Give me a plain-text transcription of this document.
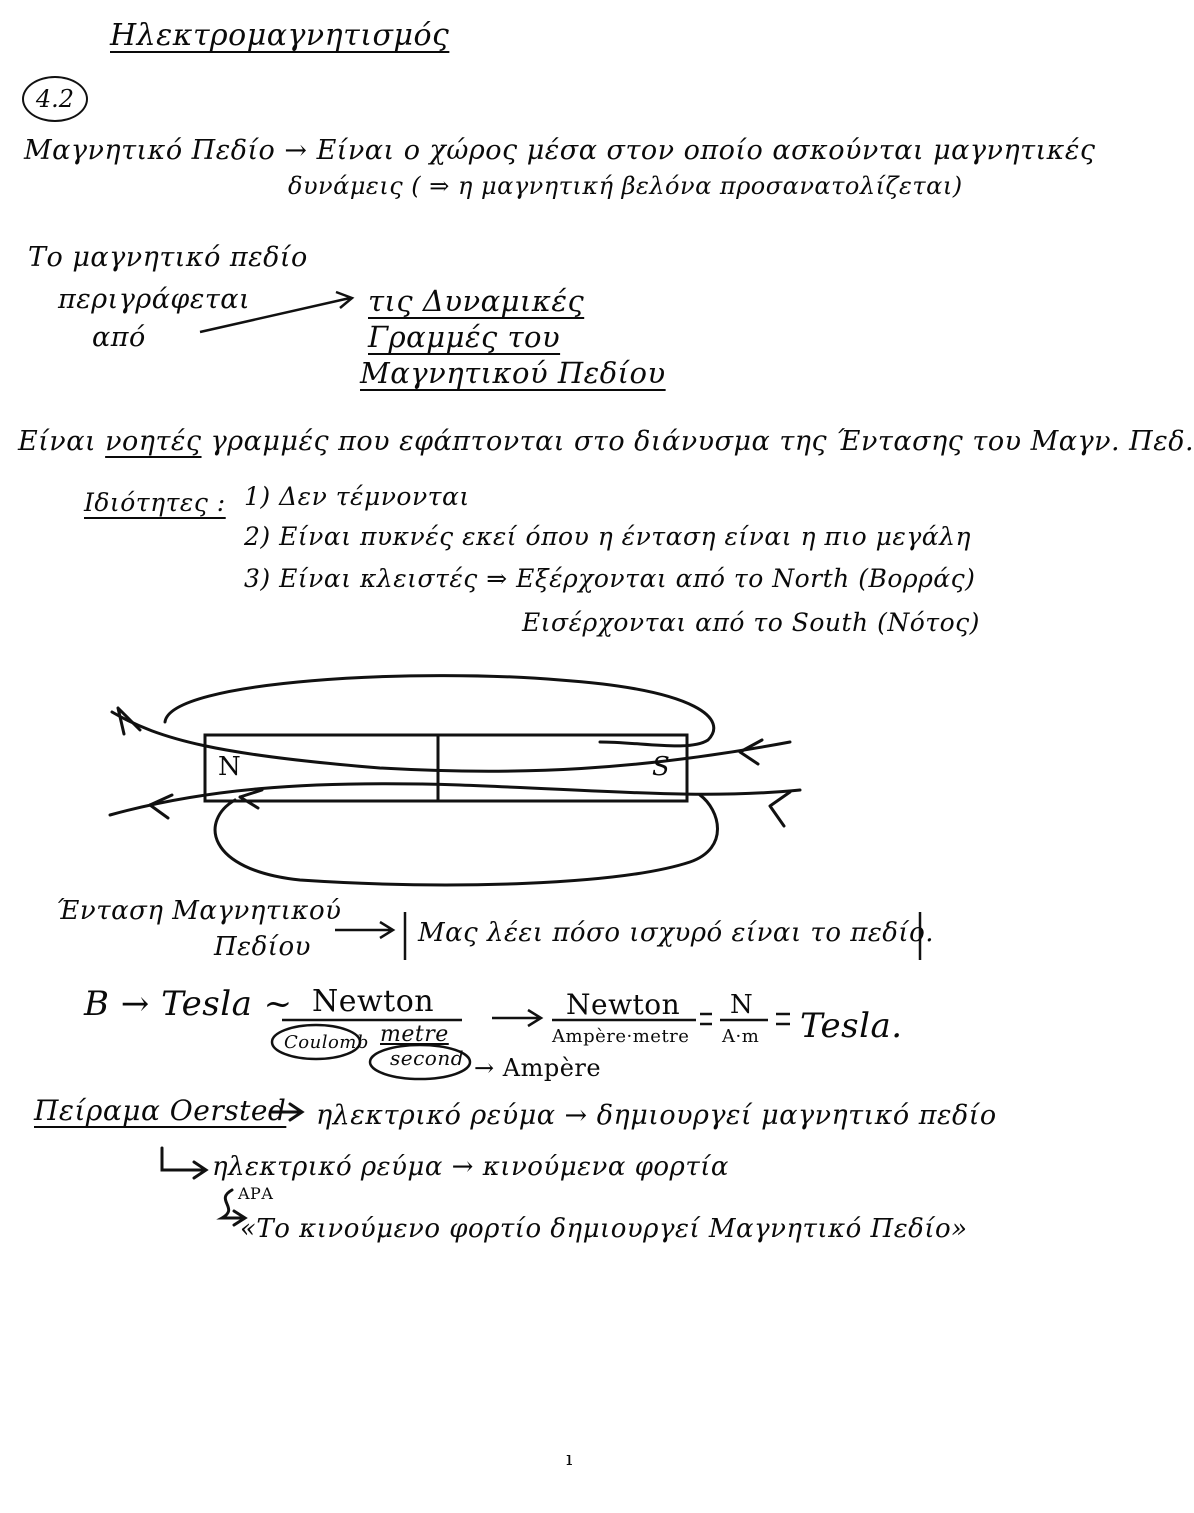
Ηλεκτρομαγνητισμός
4.2
Μαγνητικό Πεδίο → Είναι ο χώρος μέσα στον οποίο ασκούνται μαγνητικές
δυνάμεις ( ⇒ η μαγνητική βελόνα προσανατολίζεται)
Το μαγνητικό πεδίο
περιγράφεται
από
τις Δυναμικές
Γραμμές του
Μαγνητικού Πεδίου
Είναι νοητές γραμμές που εφάπτονται στο διάνυσμα της Έντασης του Μαγν. Πεδ.
Ιδιότητες : 1) Δεν τέμνονται
2) Είναι πυκνές εκεί όπου η ένταση είναι η πιο μεγάλη
3) Είναι κλειστές ⇒ Εξέρχονται από το North (Βορράς)
Εισέρχονται από το South (Νότος)
N	S
Ένταση Μαγνητικού
Πεδίου	Μας λέει πόσο ισχυρό είναι το πεδίο.
B → Tesla ~ Newton
Coulomb metre
second → Ampère
Newton
Ampère·metre
N
A·m Tesla.
Πείραμα Oersted ηλεκτρικό ρεύμα → δημιουργεί μαγνητικό πεδίο
ηλεκτρικό ρεύμα → κινούμενα φορτία
ΑΡΑ
«Το κινούμενο φορτίο δημιουργεί Μαγνητικό Πεδίο»
ı
